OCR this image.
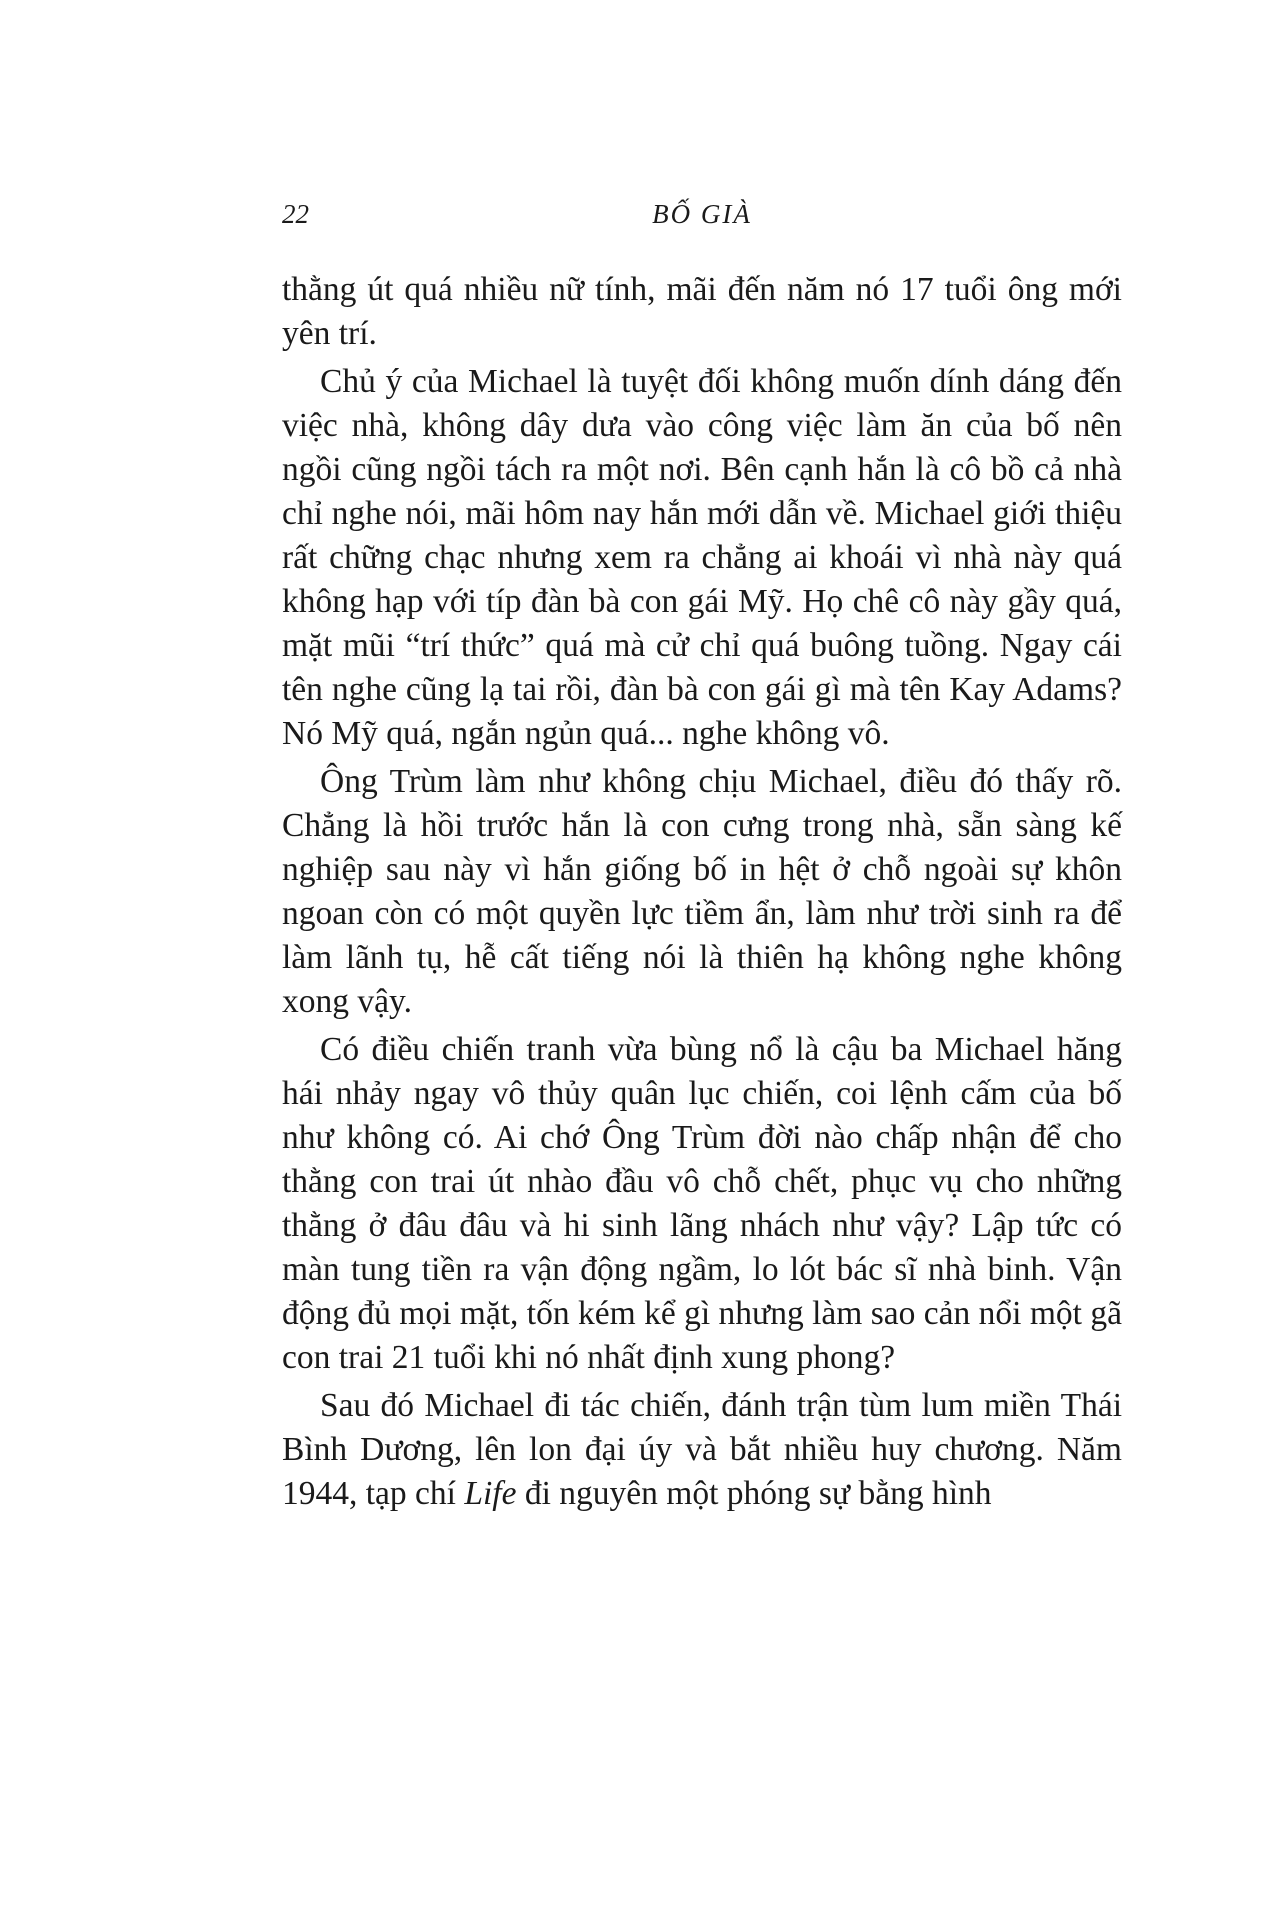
22	BỐ GIÀ

thằng út quá nhiều nữ tính, mãi đến năm nó 17 tuổi ông mới yên trí.

Chủ ý của Michael là tuyệt đối không muốn dính dáng đến việc nhà, không dây dưa vào công việc làm ăn của bố nên ngồi cũng ngồi tách ra một nơi. Bên cạnh hắn là cô bồ cả nhà chỉ nghe nói, mãi hôm nay hắn mới dẫn về. Michael giới thiệu rất chững chạc nhưng xem ra chẳng ai khoái vì nhà này quá không hạp với típ đàn bà con gái Mỹ. Họ chê cô này gầy quá, mặt mũi “trí thức” quá mà cử chỉ quá buông tuồng. Ngay cái tên nghe cũng lạ tai rồi, đàn bà con gái gì mà tên Kay Adams? Nó Mỹ quá, ngắn ngủn quá... nghe không vô.

Ông Trùm làm như không chịu Michael, điều đó thấy rõ. Chẳng là hồi trước hắn là con cưng trong nhà, sẵn sàng kế nghiệp sau này vì hắn giống bố in hệt ở chỗ ngoài sự khôn ngoan còn có một quyền lực tiềm ẩn, làm như trời sinh ra để làm lãnh tụ, hễ cất tiếng nói là thiên hạ không nghe không xong vậy.

Có điều chiến tranh vừa bùng nổ là cậu ba Michael hăng hái nhảy ngay vô thủy quân lục chiến, coi lệnh cấm của bố như không có. Ai chớ Ông Trùm đời nào chấp nhận để cho thằng con trai út nhào đầu vô chỗ chết, phục vụ cho những thằng ở đâu đâu và hi sinh lãng nhách như vậy? Lập tức có màn tung tiền ra vận động ngầm, lo lót bác sĩ nhà binh. Vận động đủ mọi mặt, tốn kém kể gì nhưng làm sao cản nổi một gã con trai 21 tuổi khi nó nhất định xung phong?

Sau đó Michael đi tác chiến, đánh trận tùm lum miền Thái Bình Dương, lên lon đại úy và bắt nhiều huy chương. Năm 1944, tạp chí Life đi nguyên một phóng sự bằng hình
